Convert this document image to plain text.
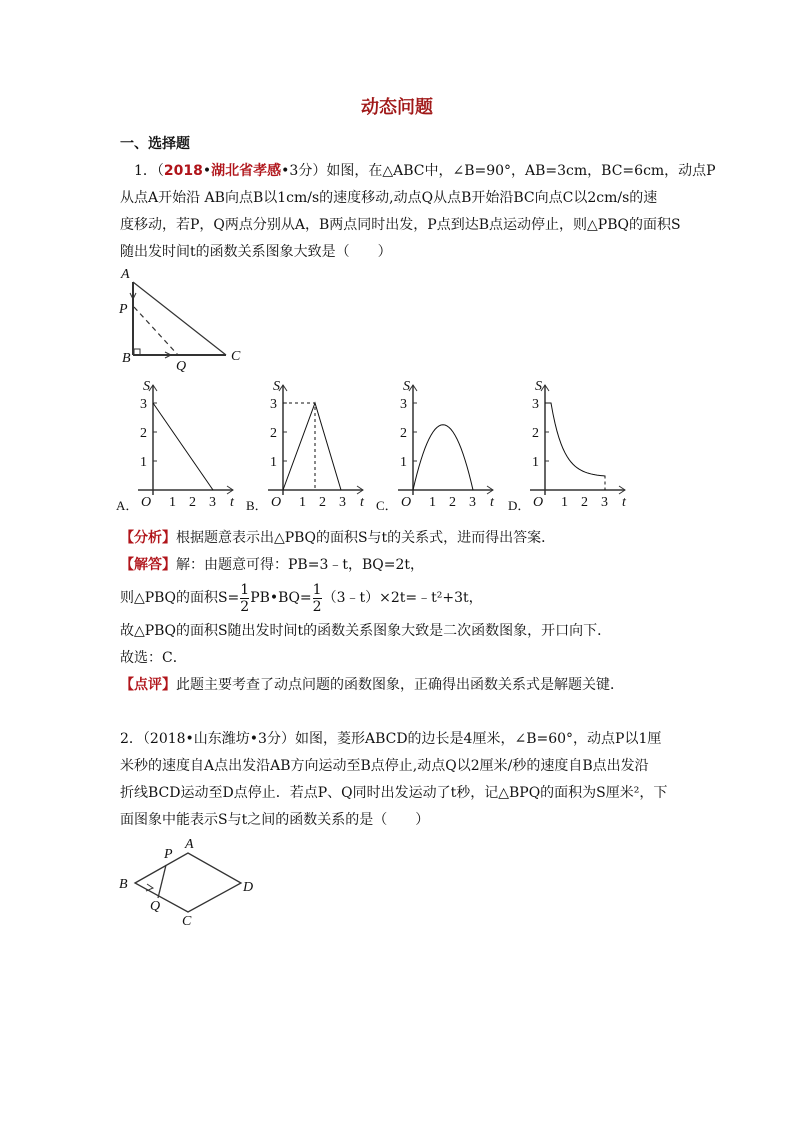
动态问题
一、选择题
1．（2018•湖北省孝感•3分）如图，在△ABC中，∠B=90°，AB=3cm，BC=6cm，动点P
从点A开始沿 AB向点B以1cm/s的速度移动,动点Q从点B开始沿BC向点C以2cm/s的速
度移动，若P，Q两点分别从A，B两点同时出发，P点到达B点运动停止，则△PBQ的面积S
随出发时间t的函数关系图象大致是（　　）
A
P
B
Q
C
S
t
O
1
1
2
2
3
3
A．
S
t
O
1
1
2
2
3
3
B．
S
t
O
1
1
2
2
3
3
C．
S
t
O
1
1
2
2
3
3
D．
【分析】根据题意表示出△PBQ的面积S与t的关系式，进而得出答案．
【解答】解：由题意可得：PB=3﹣t，BQ=2t，
则△PBQ的面积$S= \frac{1}{2}$ PB•BQ= $\frac{1}{2}$ （3﹣t）×2t=﹣t²+3t，
故△PBQ的面积S随出发时间t的函数关系图象大致是二次函数图象，开口向下．
故选：C．
【点评】此题主要考查了动点问题的函数图象，正确得出函数关系式是解题关键．
2．（2018•山东潍坊•3分）如图，菱形ABCD的边长是4厘米，∠B=60°，动点P以1厘
米秒的速度自A点出发沿AB方向运动至B点停止,动点Q以2厘米/秒的速度自B点出发沿
折线BCD运动至D点停止．若点P、Q同时出发运动了t秒，记△BPQ的面积为S厘米²，下
面图象中能表示S与t之间的函数关系的是（　　）
B
A
P
D
Q
C
